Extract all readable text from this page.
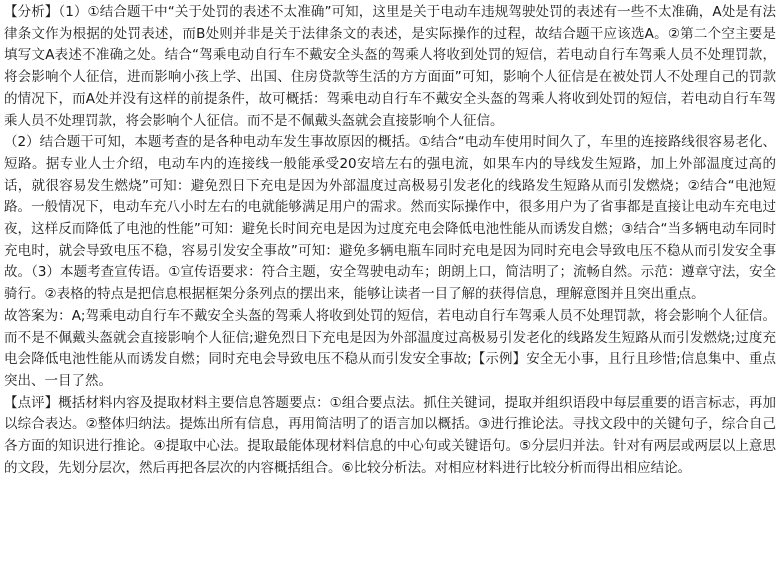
【分析】（1）①结合题干中“关于处罚的表述不太准确”可知，这里是关于电动车违规驾驶处罚的表述有一些不太准确，A处是有法律条文作为根据的处罚表述，而B处则并非是关于法律条文的表述，是实际操作的过程，故结合题干应该选A。②第二个空主要是填写文A表述不准确之处。结合“驾乘电动自行车不戴安全头盔的驾乘人将收到处罚的短信，若电动自行车驾乘人员不处理罚款，将会影响个人征信，进而影响小孩上学、出国、住房贷款等生活的方方面面”可知，影响个人征信是在被处罚人不处理自己的罚款的情况下，而A处并没有这样的前提条件，故可概括：驾乘电动自行车不戴安全头盔的驾乘人将收到处罚的短信，若电动自行车驾乘人员不处理罚款，将会影响个人征信。而不是不佩戴头盔就会直接影响个人征信。

（2）结合题干可知，本题考查的是各种电动车发生事故原因的概括。①结合“电动车使用时间久了，车里的连接路线很容易老化、短路。据专业人士介绍，电动车内的连接线一般能承受20安培左右的强电流，如果车内的导线发生短路，加上外部温度过高的话，就很容易发生燃烧”可知：避免烈日下充电是因为外部温度过高极易引发老化的线路发生短路从而引发燃烧；②结合“电池短路。一般情况下，电动车充八小时左右的电就能够满足用户的需求。然而实际操作中，很多用户为了省事都是直接让电动车充电过夜，这样反而降低了电池的性能”可知：避免长时间充电是因为过度充电会降低电池性能从而诱发自燃；③结合“当多辆电动车同时充电时，就会导致电压不稳，容易引发安全事故”可知：避免多辆电瓶车同时充电是因为同时充电会导致电压不稳从而引发安全事故。（3）本题考查宣传语。①宣传语要求：符合主题，安全驾驶电动车；朗朗上口，简洁明了；流畅自然。示范：遵章守法，安全骑行。②表格的特点是把信息根据框架分条列点的摆出来，能够让读者一目了解的获得信息，理解意图并且突出重点。

故答案为：A;驾乘电动自行车不戴安全头盔的驾乘人将收到处罚的短信，若电动自行车驾乘人员不处理罚款，将会影响个人征信。而不是不佩戴头盔就会直接影响个人征信;避免烈日下充电是因为外部温度过高极易引发老化的线路发生短路从而引发燃烧;过度充电会降低电池性能从而诱发自燃；同时充电会导致电压不稳从而引发安全事故;【示例】安全无小事，且行且珍惜;信息集中、重点突出、一目了然。

【点评】概括材料内容及提取材料主要信息答题要点：①组合要点法。抓住关键词，提取并组织语段中每层重要的语言标志，再加以综合表达。②整体归纳法。提炼出所有信息，再用简洁明了的语言加以概括。③进行推论法。寻找文段中的关键句子，综合自己各方面的知识进行推论。④提取中心法。提取最能体现材料信息的中心句或关键语句。⑤分层归并法。针对有两层或两层以上意思的文段，先划分层次，然后再把各层次的内容概括组合。⑥比较分析法。对相应材料进行比较分析而得出相应结论。
